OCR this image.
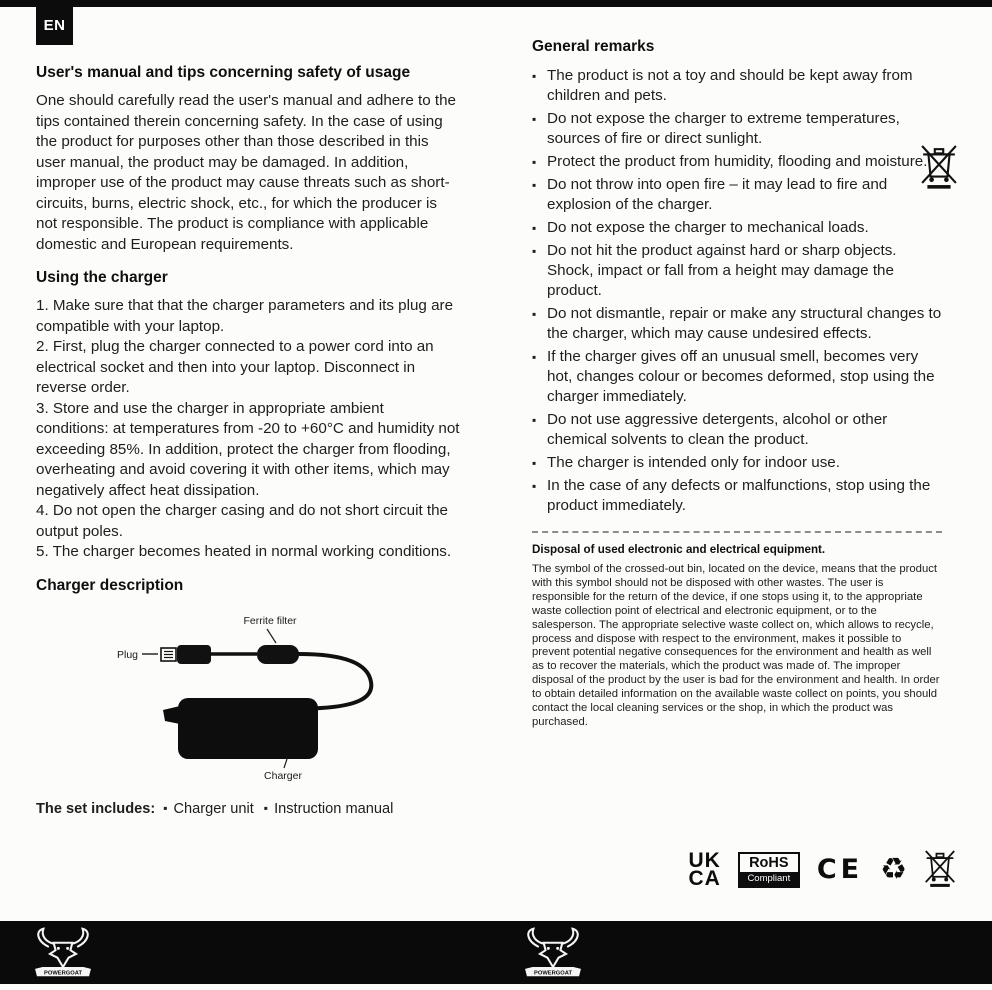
EN
User's manual and tips concerning safety of usage

One should carefully read the user's manual and adhere to the tips contained therein concerning safety. In the case of using the product for purposes other than those described in this user manual, the product may be damaged. In addition, improper use of the product may cause threats such as short-circuits, burns, electric shock, etc., for which the producer is not responsible. The product is compliance with applicable domestic and European requirements.

Using the charger

1. Make sure that that the charger parameters and its plug are compatible with your laptop.

2. First, plug the charger connected to a power cord into an electrical socket and then into your laptop. Disconnect in reverse order.

3. Store and use the charger in appropriate ambient conditions: at temperatures from -20 to +60°C and humidity not exceeding 85%. In addition, protect the charger from flooding, overheating and avoid covering it with other items, which may negatively affect heat dissipation.

4. Do not open the charger casing and do not short circuit the output poles.

5. The charger becomes heated in normal working conditions.

Charger description
Ferrite filter
Plug
Charger
The set includes:	▪ Charger unit	▪ Instruction manual
General remarks
▪ The product is not a toy and should be kept away from children and pets.
▪ Do not expose the charger to extreme temperatures, sources of fire or direct sunlight.
▪ Protect the product from humidity, flooding and moisture.
▪ Do not throw into open fire – it may lead to fire and explosion of the charger.
▪ Do not expose the charger to mechanical loads.
▪ Do not hit the product against hard or sharp objects. Shock, impact or fall from a height may damage the product.
▪ Do not dismantle, repair or make any structural changes to the charger, which may cause undesired effects.
▪ If the charger gives off an unusual smell, becomes very hot, changes colour or becomes deformed, stop using the charger immediately.
▪ Do not use aggressive detergents, alcohol or other chemical solvents to clean the product.
▪ The charger is intended only for indoor use.
▪ In the case of any defects or malfunctions, stop using the product immediately.
Disposal of used electronic and electrical equipment.

The symbol of the crossed-out bin, located on the device, means that the product with this symbol should not be disposed with other wastes. The user is responsible for the return of the device, if one stops using it, to the appropriate waste collection point of electrical and electronic equipment, or to the salesperson. The appropriate selective waste collect on, which allows to recycle, process and dispose with respect to the environment, makes it possible to prevent potential negative consequences for the environment and health as well as to recover the materials, which the product was made of. The improper disposal of the product by the user is bad for the environment and health. In order to obtain detailed information on the available waste collect on points, you should contact the local cleaning services or the shop, in which the product was purchased.

UK
CA
RoHS
Compliant CE ♻
POWERGOAT	POWERGOAT
